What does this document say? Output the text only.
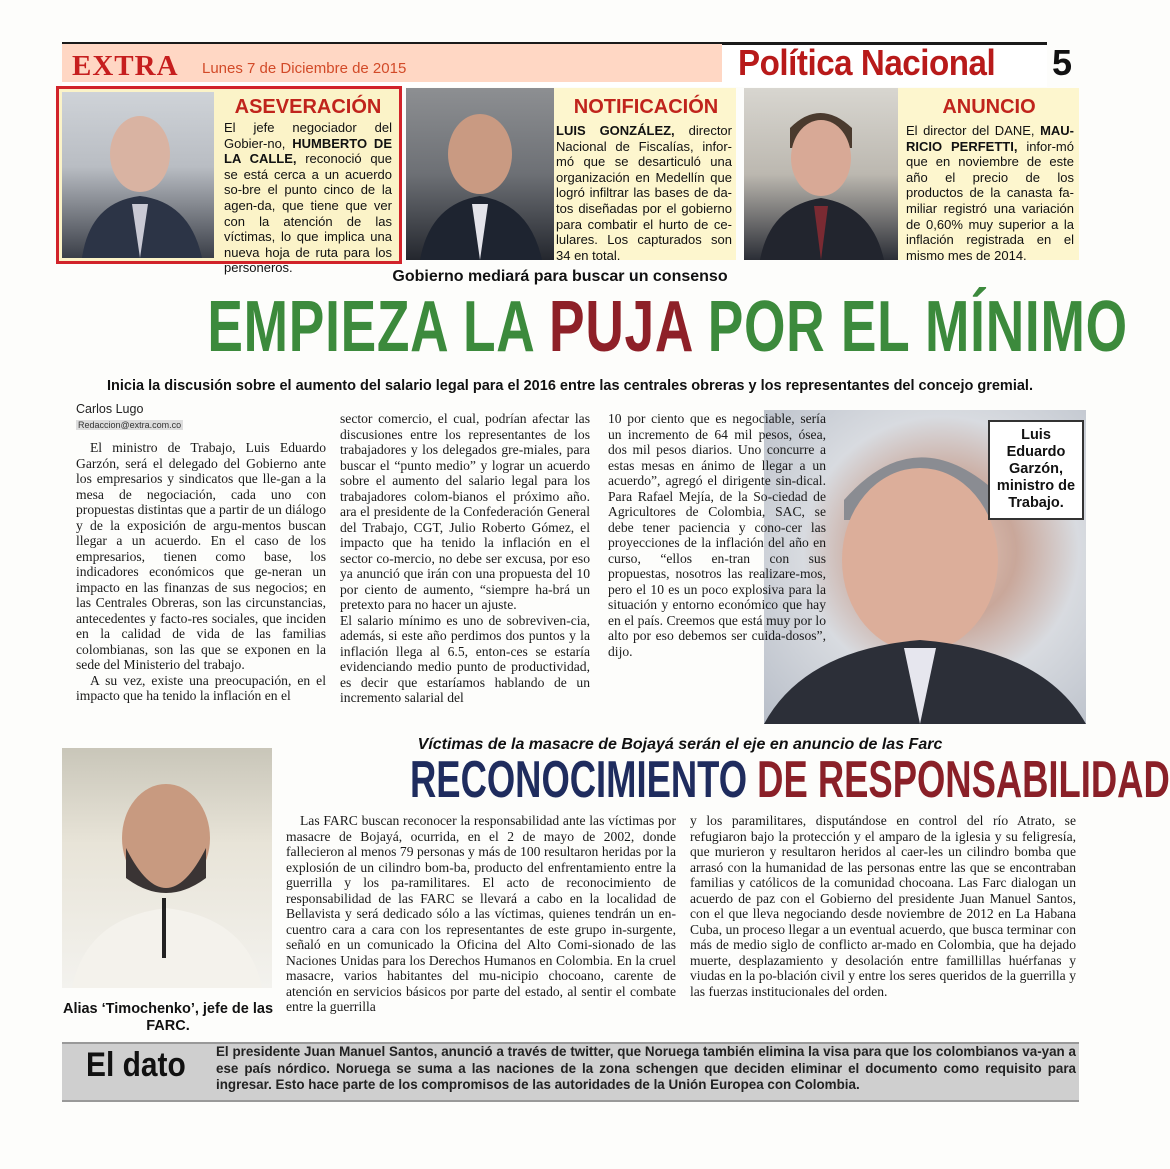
EXTRA Lunes 7 de Diciembre de 2015	Política Nacional 5
ASEVERACIÓN
El jefe negociador del Gobier-no, HUMBERTO DE LA CALLE, reconoció que se está cerca a un acuerdo so-bre el punto cinco de la agen-da, que tiene que ver con la atención de las víctimas, lo que implica una nueva hoja de ruta para los personeros.
NOTIFICACIÓN
LUIS GONZÁLEZ, director Nacional de Fiscalías, infor-mó que se desarticuló una organización en Medellín que logró infiltrar las bases de da-tos diseñadas por el gobierno para combatir el hurto de ce-lulares. Los capturados son 34 en total.
ANUNCIO
El director del DANE, MAU-RICIO PERFETTI, infor-mó que en noviembre de este año el precio de los productos de la canasta fa-miliar registró una variación de 0,60% muy superior a la inflación registrada en el mismo mes de 2014.
Gobierno mediará para buscar un consenso
EMPIEZA LA PUJA POR EL MÍNIMO
Inicia la discusión sobre el aumento del salario legal para el 2016 entre las centrales obreras y los representantes del concejo gremial.
Carlos Lugo
Redaccion@extra.com.co

El ministro de Trabajo, Luis Eduardo Garzón, será el delegado del Gobierno ante los empresarios y sindicatos que lle-gan a la mesa de negociación, cada uno con propuestas distintas que a partir de un diálogo y de la exposición de argu-mentos buscan llegar a un acuerdo. En el caso de los empresarios, tienen como base, los indicadores económicos que ge-neran un impacto en las finanzas de sus negocios; en las Centrales Obreras, son las circunstancias, antecedentes y facto-res sociales, que inciden en la calidad de vida de las familias colombianas, son las que se exponen en la sede del Ministerio del trabajo.

A su vez, existe una preocupación, en el impacto que ha tenido la inflación en el

sector comercio, el cual, podrían afectar las discusiones entre los representantes de los trabajadores y los delegados gre-miales, para buscar el “punto medio” y lograr un acuerdo sobre el aumento del salario legal para los trabajadores colom-bianos el próximo año. ara el presidente de la Confederación General del Trabajo, CGT, Julio Roberto Gómez, el impacto que ha tenido la inflación en el sector co-mercio, no debe ser excusa, por eso ya anunció que irán con una propuesta del 10 por ciento de aumento, “siempre ha-brá un pretexto para no hacer un ajuste.

El salario mínimo es uno de sobreviven-cia, además, si este año perdimos dos puntos y la inflación llega al 6.5, enton-ces se estaría evidenciando medio punto de productividad, es decir que estaríamos hablando de un incremento salarial del

Luis Eduardo Garzón, ministro de Trabajo.

10 por ciento que es negociable, sería un incremento de 64 mil pesos, ósea, dos mil pesos diarios. Uno concurre a estas mesas en ánimo de llegar a un acuerdo”, agregó el dirigente sin-dical. Para Rafael Mejía, de la So-ciedad de Agricultores de Colombia, SAC, se debe tener paciencia y cono-cer las proyecciones de la inflación del año en curso, “ellos en-tran con sus propuestas, nosotros las realizare-mos, pero el 10 es un poco explosiva para la situación y entorno económico que hay en el país. Creemos que está muy por lo alto por eso debemos ser cuida-dosos”, dijo.

Alias ‘Timochenko’, jefe de las FARC.
Víctimas de la masacre de Bojayá serán el eje en anuncio de las Farc
RECONOCIMIENTO DE RESPONSABILIDAD

Las FARC buscan reconocer la responsabilidad ante las víctimas por masacre de Bojayá, ocurrida, en el 2 de mayo de 2002, donde fallecieron al menos 79 personas y más de 100 resultaron heridas por la explosión de un cilindro bom-ba, producto del enfrentamiento entre la guerrilla y los pa-ramilitares. El acto de reconocimiento de responsabilidad de las FARC se llevará a cabo en la localidad de Bellavista y será dedicado sólo a las víctimas, quienes tendrán un en-cuentro cara a cara con los representantes de este grupo in-surgente, señaló en un comunicado la Oficina del Alto Comi-sionado de las Naciones Unidas para los Derechos Humanos en Colombia. En la cruel masacre, varios habitantes del mu-nicipio chocoano, carente de atención en servicios básicos por parte del estado, al sentir el combate entre la guerrilla

y los paramilitares, disputándose en control del río Atrato, se refugiaron bajo la protección y el amparo de la iglesia y su feligresía, que murieron y resultaron heridos al caer-les un cilindro bomba que arrasó con la humanidad de las personas entre las que se encontraban familias y católicos de la comunidad chocoana. Las Farc dialogan un acuerdo de paz con el Gobierno del presidente Juan Manuel Santos, con el que lleva negociando desde noviembre de 2012 en La Habana Cuba, un proceso llegar a un eventual acuerdo, que busca terminar con más de medio siglo de conflicto ar-mado en Colombia, que ha dejado muerte, desplazamiento y desolación entre famillillas huérfanas y viudas en la po-blación civil y entre los seres queridos de la guerrilla y las fuerzas institucionales del orden.

El dato El presidente Juan Manuel Santos, anunció a través de twitter, que Noruega también elimina la visa para que los colombianos va-yan a ese país nórdico. Noruega se suma a las naciones de la zona schengen que deciden eliminar el documento como requisito para ingresar. Esto hace parte de los compromisos de las autoridades de la Unión Europea con Colombia.
